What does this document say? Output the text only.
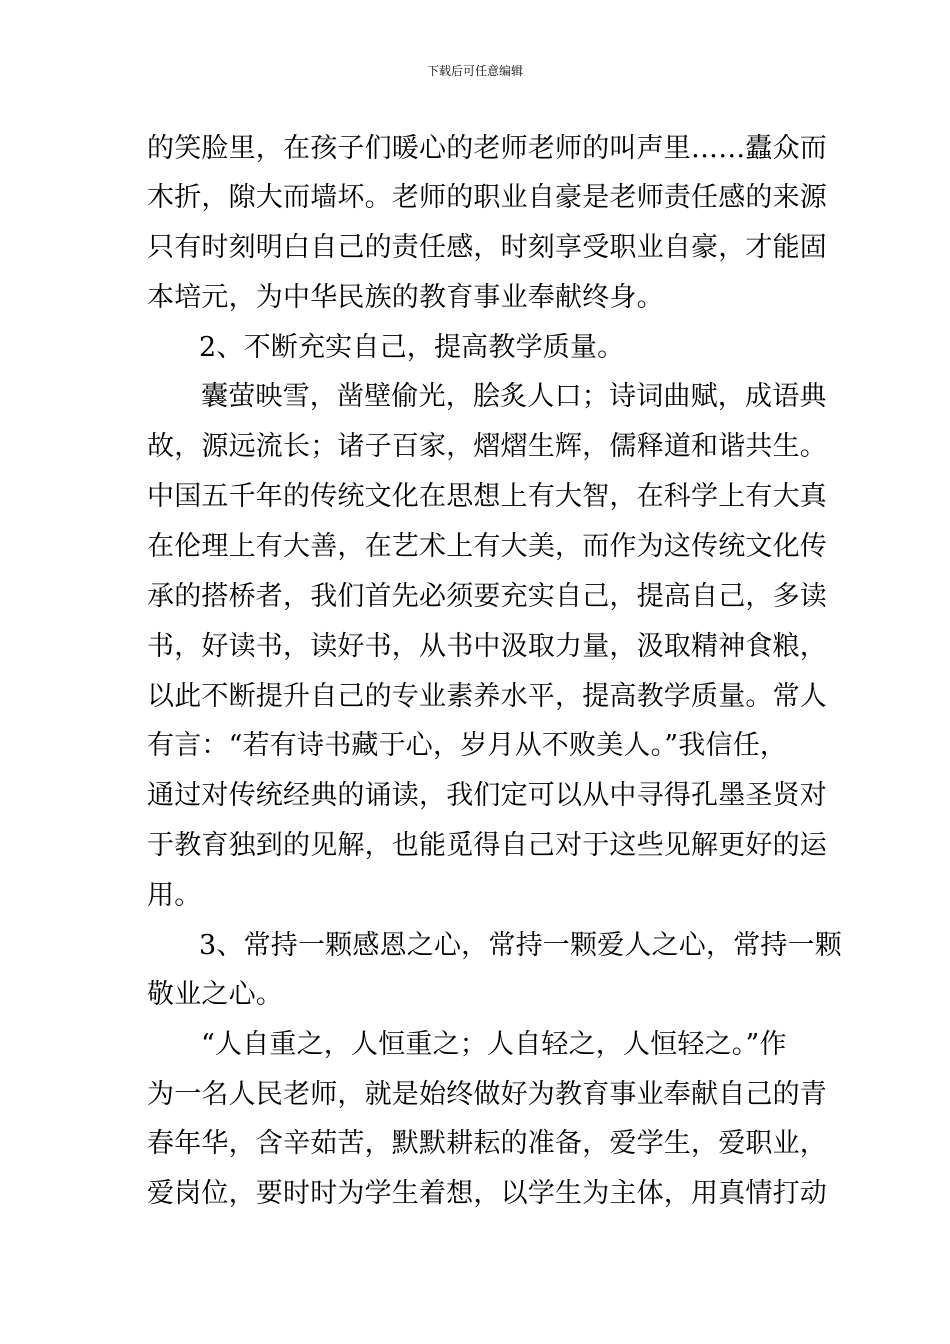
下载后可任意编辑
的笑脸里，在孩子们暖心的老师老师的叫声里……蠹众而
木折，隙大而墙坏。老师的职业自豪是老师责任感的来源
只有时刻明白自己的责任感，时刻享受职业自豪，才能固
本培元，为中华民族的教育事业奉献终身。
2、不断充实自己，提高教学质量。
囊萤映雪，凿壁偷光，脍炙人口；诗词曲赋，成语典
故，源远流长；诸子百家，熠熠生辉，儒释道和谐共生。
中国五千年的传统文化在思想上有大智，在科学上有大真
在伦理上有大善，在艺术上有大美，而作为这传统文化传
承的搭桥者，我们首先必须要充实自己，提高自己，多读
书，好读书，读好书，从书中汲取力量，汲取精神食粮，
以此不断提升自己的专业素养水平，提高教学质量。常人
有言：“若有诗书藏于心，岁月从不败美人。”我信任，
通过对传统经典的诵读，我们定可以从中寻得孔墨圣贤对
于教育独到的见解，也能觅得自己对于这些见解更好的运
用。
3、常持一颗感恩之心，常持一颗爱人之心，常持一颗
敬业之心。
“人自重之，人恒重之；人自轻之，人恒轻之。”作
为一名人民老师，就是始终做好为教育事业奉献自己的青
春年华，含辛茹苦，默默耕耘的准备，爱学生，爱职业，
爱岗位，要时时为学生着想，以学生为主体，用真情打动
